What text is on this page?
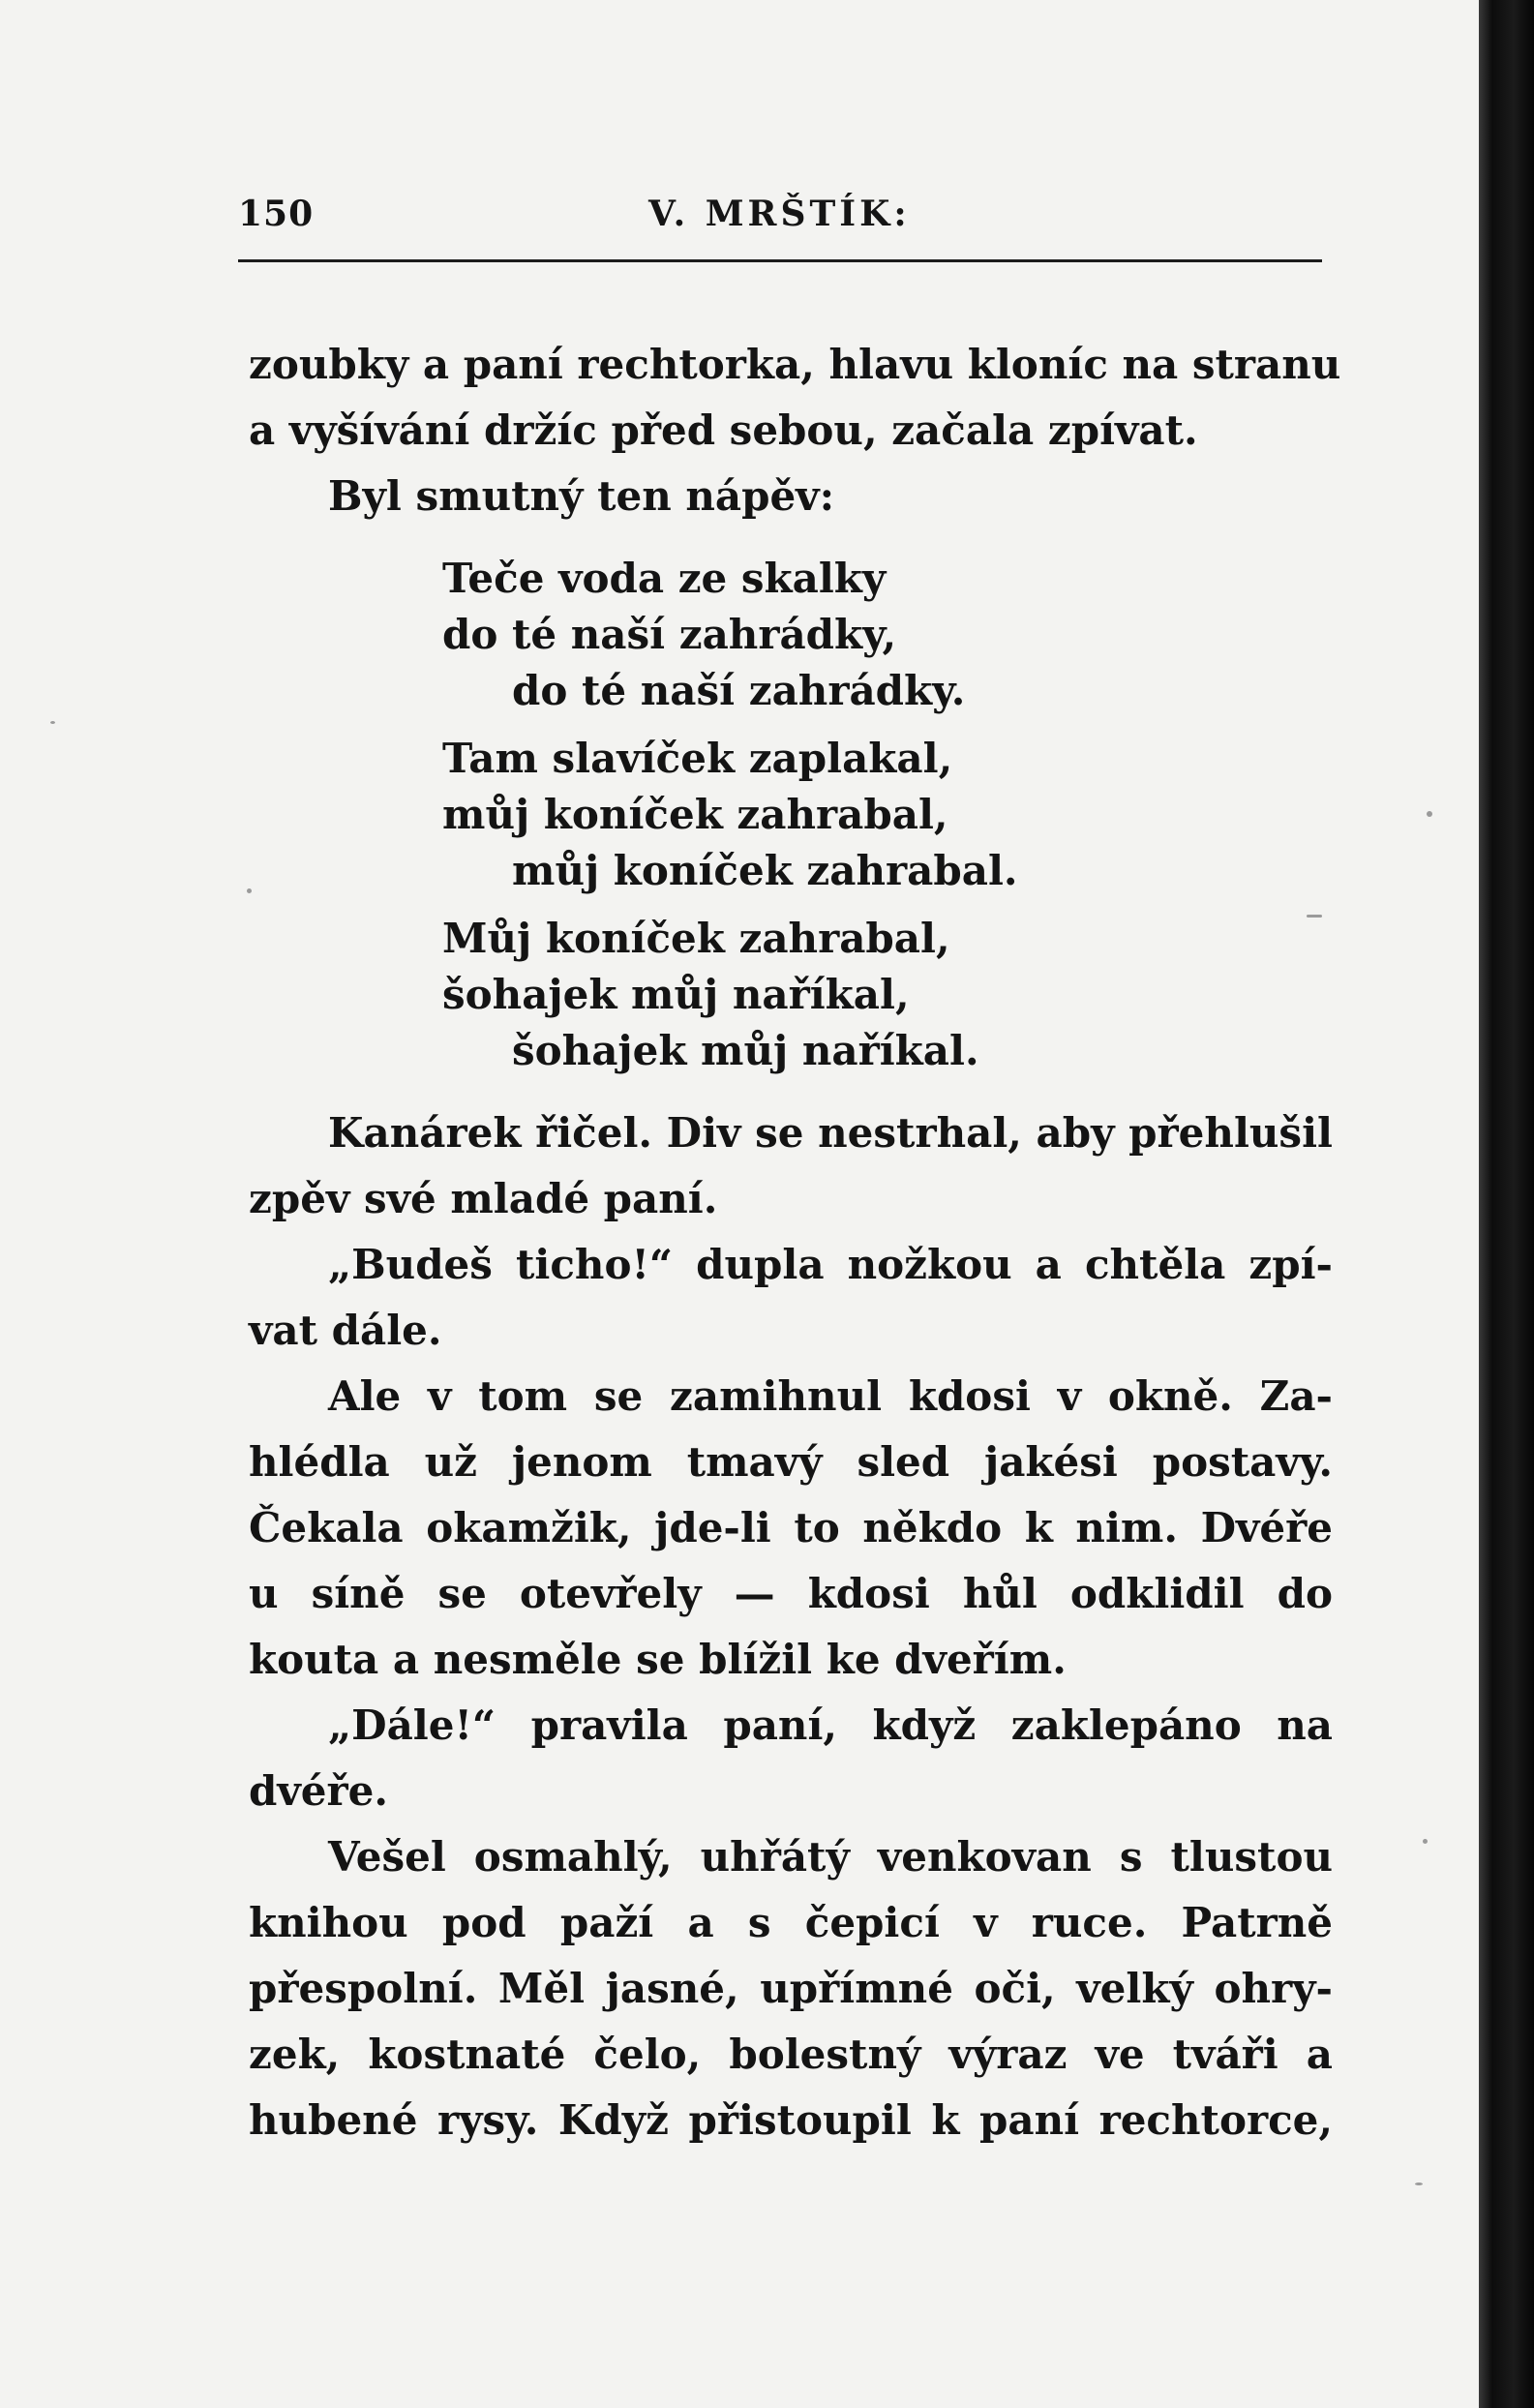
150	V. MRŠTÍK:
zoubky a paní rechtorka, hlavu kloníc na stranu
a vyšívání držíc před sebou, začala zpívat.
Byl smutný ten nápěv:
Teče voda ze skalky
do té naší zahrádky,
do té naší zahrádky.
Tam slavíček zaplakal,
můj koníček zahrabal,
můj koníček zahrabal.
Můj koníček zahrabal,
šohajek můj naříkal,
šohajek můj naříkal.
Kanárek řičel. Div se nestrhal, aby přehlušil
zpěv své mladé paní.
„Budeš ticho!“ dupla nožkou a chtěla zpí-
vat dále.
Ale v tom se zamihnul kdosi v okně. Za-
hlédla už jenom tmavý sled jakési postavy.
Čekala okamžik, jde-li to někdo k nim. Dvéře
u síně se otevřely — kdosi hůl odklidil do
kouta a nesměle se blížil ke dveřím.
„Dále!“ pravila paní, když zaklepáno na
dvéře.
Vešel osmahlý, uhřátý venkovan s tlustou
knihou pod paží a s čepicí v ruce. Patrně
přespolní. Měl jasné, upřímné oči, velký ohry-
zek, kostnaté čelo, bolestný výraz ve tváři a
hubené rysy. Když přistoupil k paní rechtorce,
